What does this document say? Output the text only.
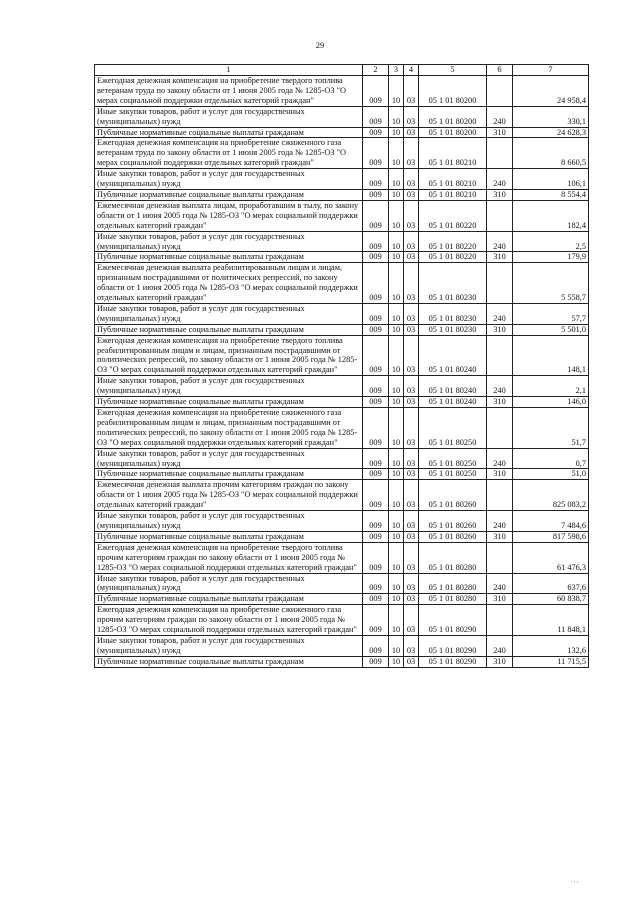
29
1	2	3	4	5	6	7
Ежегодная денежная компенсация на приобретение твердого топлива ветеранам труда по закону области от 1 июня 2005 года № 1285-ОЗ "О мерах социальной поддержки отдельных категорий граждан"	009	10	03	05 1 01 80200		24 958,4
Иные закупки товаров, работ и услуг для государственных (муниципальных) нужд	009	10	03	05 1 01 80200	240	330,1
Публичные нормативные социальные выплаты гражданам	009	10	03	05 1 01 80200	310	24 628,3
Ежегодная денежная компенсация на приобретение сжиженного газа ветеранам труда по закону области от 1 июня 2005 года № 1285-ОЗ "О мерах социальной поддержки отдельных категорий граждан"	009	10	03	05 1 01 80210		8 660,5
Иные закупки товаров, работ и услуг для государственных (муниципальных) нужд	009	10	03	05 1 01 80210	240	106,1
Публичные нормативные социальные выплаты гражданам	009	10	03	05 1 01 80210	310	8 554,4
Ежемесячная денежная выплата лицам, проработавшим в тылу, по закону области от 1 июня 2005 года № 1285-ОЗ "О мерах социальной поддержки отдельных категорий граждан"	009	10	03	05 1 01 80220		182,4
Иные закупки товаров, работ и услуг для государственных (муниципальных) нужд	009	10	03	05 1 01 80220	240	2,5
Публичные нормативные социальные выплаты гражданам	009	10	03	05 1 01 80220	310	179,9
Ежемесячная денежная выплата реабилитированным лицам и лицам, признанным пострадавшими от политических репрессий, по закону области от 1 июня 2005 года № 1285-ОЗ "О мерах социальной поддержки отдельных категорий граждан"	009	10	03	05 1 01 80230		5 558,7
Иные закупки товаров, работ и услуг для государственных (муниципальных) нужд	009	10	03	05 1 01 80230	240	57,7
Публичные нормативные социальные выплаты гражданам	009	10	03	05 1 01 80230	310	5 501,0
Ежегодная денежная компенсация на приобретение твердого топлива реабилитированным лицам и лицам, признанным пострадавшими от политических репрессий, по закону области от 1 июня 2005 года № 1285-ОЗ "О мерах социальной поддержки отдельных категорий граждан"	009	10	03	05 1 01 80240		148,1
Иные закупки товаров, работ и услуг для государственных (муниципальных) нужд	009	10	03	05 1 01 80240	240	2,1
Публичные нормативные социальные выплаты гражданам	009	10	03	05 1 01 80240	310	146,0
Ежегодная денежная компенсация на приобретение сжиженного газа реабилитированным лицам и лицам, признанным пострадавшими от политических репрессий, по закону области от 1 июня 2005 года № 1285-ОЗ "О мерах социальной поддержки отдельных категорий граждан"	009	10	03	05 1 01 80250		51,7
Иные закупки товаров, работ и услуг для государственных (муниципальных) нужд	009	10	03	05 1 01 80250	240	0,7
Публичные нормативные социальные выплаты гражданам	009	10	03	05 1 01 80250	310	51,0
Ежемесячная денежная выплата прочим категориям граждан по закону области от 1 июня 2005 года № 1285-ОЗ "О мерах социальной поддержки отдельных категорий граждан"	009	10	03	05 1 01 80260		825 083,2
Иные закупки товаров, работ и услуг для государственных (муниципальных) нужд	009	10	03	05 1 01 80260	240	7 484,6
Публичные нормативные социальные выплаты гражданам	009	10	03	05 1 01 80260	310	817 598,6
Ежегодная денежная компенсация на приобретение твердого топлива прочим категориям граждан по закону области от 1 июня 2005 года № 1285-ОЗ "О мерах социальной поддержки отдельных категорий граждан"	009	10	03	05 1 01 80280		61 476,3
Иные закупки товаров, работ и услуг для государственных (муниципальных) нужд	009	10	03	05 1 01 80280	240	637,6
Публичные нормативные социальные выплаты гражданам	009	10	03	05 1 01 80280	310	60 838,7
Ежегодная денежная компенсация на приобретение сжиженного газа прочим категориям граждан по закону области от 1 июня 2005 года № 1285-ОЗ "О мерах социальной поддержки отдельных категорий граждан"	009	10	03	05 1 01 80290		11 848,1
Иные закупки товаров, работ и услуг для государственных (муниципальных) нужд	009	10	03	05 1 01 80290	240	132,6
Публичные нормативные социальные выплаты гражданам	009	10	03	05 1 01 80290	310	11 715,5
′ ′ ′
